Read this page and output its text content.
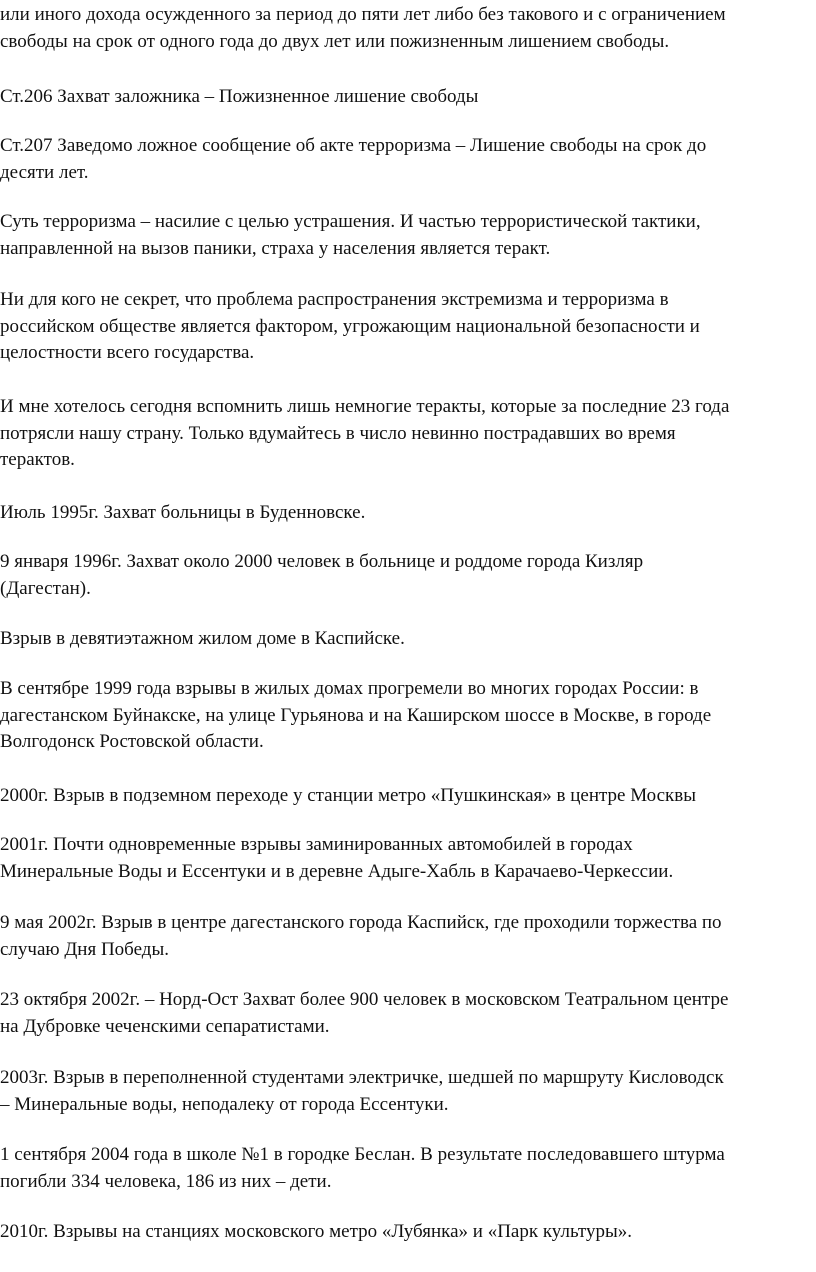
или иного дохода осужденного за период до пяти лет либо без такового и с ограничением
свободы на срок от одного года до двух лет или пожизненным лишением свободы.

Ст.206 Захват заложника – Пожизненное лишение свободы

Ст.207 Заведомо ложное сообщение об акте терроризма – Лишение свободы на срок до
десяти лет.

Суть терроризма – насилие с целью устрашения. И частью террористической тактики,
направленной на вызов паники, страха у населения является теракт.

Ни для кого не секрет, что проблема распространения экстремизма и терроризма в
российском обществе является фактором, угрожающим национальной безопасности и
целостности всего государства.

И мне хотелось сегодня вспомнить лишь немногие теракты, которые за последние 23 года
потрясли нашу страну. Только вдумайтесь в число невинно пострадавших во время
терактов.

Июль 1995г. Захват больницы в Буденновске.

9 января 1996г. Захват около 2000 человек в больнице и роддоме города Кизляр
(Дагестан).

Взрыв в девятиэтажном жилом доме в Каспийске.

В сентябре 1999 года взрывы в жилых домах прогремели во многих городах России: в
дагестанском Буйнакске, на улице Гурьянова и на Каширском шоссе в Москве, в городе
Волгодонск Ростовской области.

2000г. Взрыв в подземном переходе у станции метро «Пушкинская» в центре Москвы

2001г. Почти одновременные взрывы заминированных автомобилей в городах
Минеральные Воды и Ессентуки и в деревне Адыге-Хабль в Карачаево-Черкессии.

9 мая 2002г. Взрыв в центре дагестанского города Каспийск, где проходили торжества по
случаю Дня Победы.

23 октября 2002г. – Норд-Ост Захват более 900 человек в московском Театральном центре
на Дубровке чеченскими сепаратистами.

2003г. Взрыв в переполненной студентами электричке, шедшей по маршруту Кисловодск
– Минеральные воды, неподалеку от города Ессентуки.

1 сентября 2004 года в школе №1 в городке Беслан. В результате последовавшего штурма
погибли 334 человека, 186 из них – дети.

2010г. Взрывы на станциях московского метро «Лубянка» и «Парк культуры».
